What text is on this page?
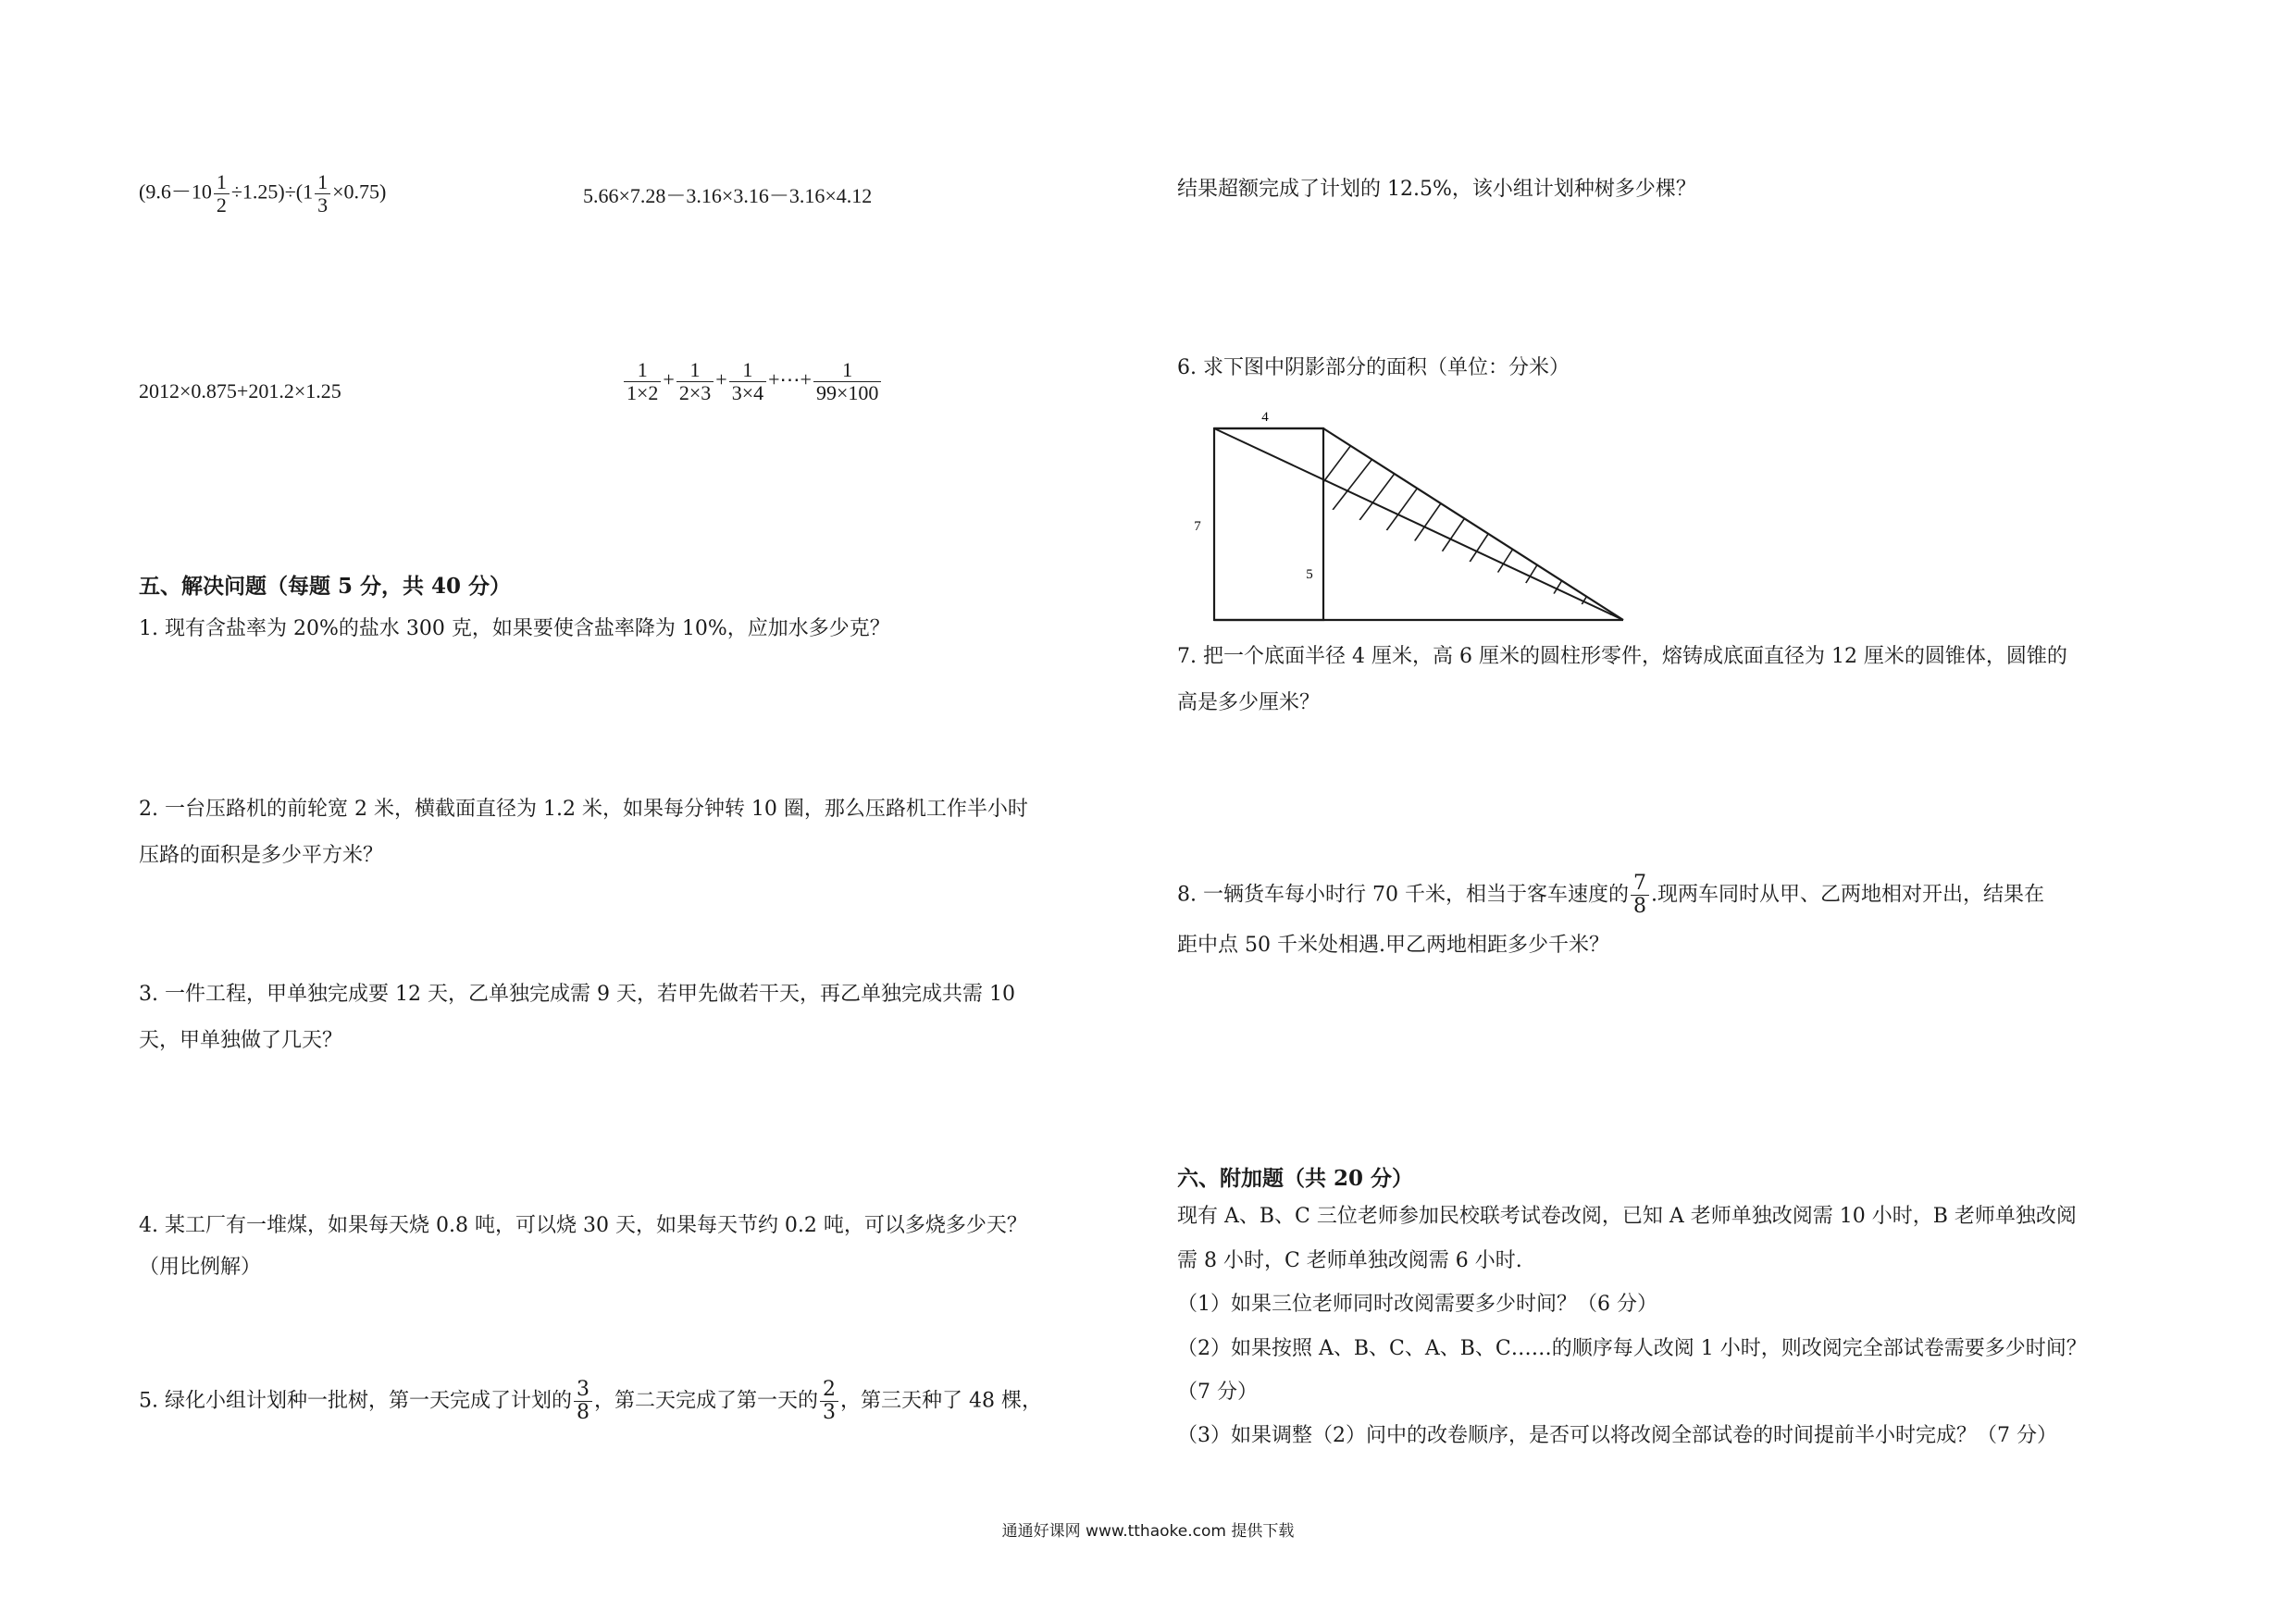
$(9.6-10 \frac{1}{2} \div 1.25)\div(1 \frac{1}{3} \times 0.75)$	5.66×7.28－3.16×3.16－3.16×4.12
2012×0.875+201.2×1.25	$\frac{1}{1\times 2} + \frac{1}{2\times 3} + \frac{1}{3\times 4}$ +⋯+ $\frac{1}{99\times 100}$
五、解决问题（每题 5 分，共 40 分）
1. 现有含盐率为 20%的盐水 300 克，如果要使含盐率降为 10%，应加水多少克？
2. 一台压路机的前轮宽 2 米，横截面直径为 1.2 米，如果每分钟转 10 圈，那么压路机工作半小时
压路的面积是多少平方米？
3. 一件工程，甲单独完成要 12 天，乙单独完成需 9 天，若甲先做若干天，再乙单独完成共需 10
天，甲单独做了几天？
4. 某工厂有一堆煤，如果每天烧 0.8 吨，可以烧 30 天，如果每天节约 0.2 吨，可以多烧多少天？
（用比例解）
5. 绿化小组计划种一批树，第一天完成了计划的 $\frac{3}{8}$ ，第二天完成了第一天的 $\frac{2}{3}$ ，第三天种了 48 棵，
结果超额完成了计划的 12.5%，该小组计划种树多少棵？
6. 求下图中阴影部分的面积（单位：分米）
4
7
5
7. 把一个底面半径 4 厘米，高 6 厘米的圆柱形零件，熔铸成底面直径为 12 厘米的圆锥体，圆锥的
高是多少厘米？
8. 一辆货车每小时行 70 千米，相当于客车速度的 $\frac{7}{8}$ .现两车同时从甲、乙两地相对开出，结果在
距中点 50 千米处相遇.甲乙两地相距多少千米？
六、附加题（共 20 分）
现有 A、B、C 三位老师参加民校联考试卷改阅，已知 A 老师单独改阅需 10 小时，B 老师单独改阅
需 8 小时，C 老师单独改阅需 6 小时.
（1）如果三位老师同时改阅需要多少时间？（6 分）
（2）如果按照 A、B、C、A、B、C……的顺序每人改阅 1 小时，则改阅完全部试卷需要多少时间？
（7 分）
（3）如果调整（2）问中的改卷顺序，是否可以将改阅全部试卷的时间提前半小时完成？（7 分）
通通好课网 www.tthaoke.com 提供下载
